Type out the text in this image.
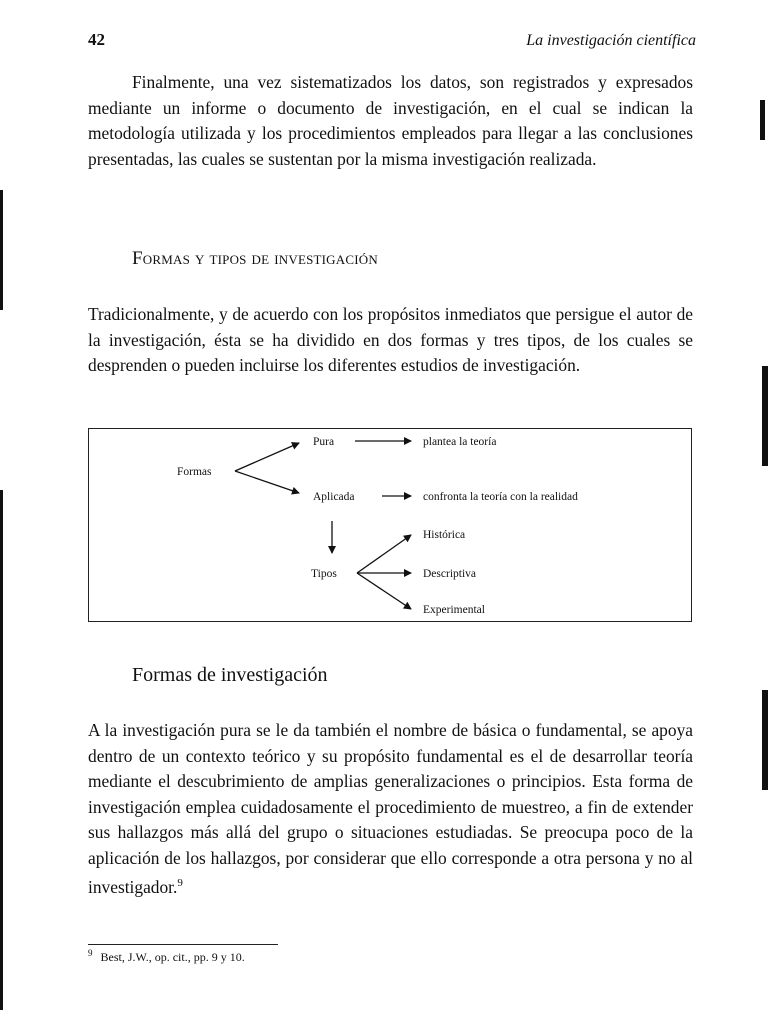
42	La investigación científica

Finalmente, una vez sistematizados los datos, son registrados y expresados mediante un informe o documento de investigación, en el cual se indican la metodología utilizada y los procedimientos empleados para llegar a las conclusiones presentadas, las cuales se sustentan por la misma investigación realizada.

Formas y tipos de investigación

Tradicionalmente, y de acuerdo con los propósitos inmediatos que persigue el autor de la investigación, ésta se ha dividido en dos formas y tres tipos, de los cuales se desprenden o pueden incluirse los diferentes estudios de investigación.

Formas
Pura	plantea la teoría
Aplicada	confronta la teoría con la realidad
Tipos
Histórica
Descriptiva
Experimental
Formas de investigación

A la investigación pura se le da también el nombre de básica o fundamental, se apoya dentro de un contexto teórico y su propósito fundamental es el de desarrollar teoría mediante el descubrimiento de amplias generalizaciones o principios. Esta forma de investigación emplea cuidadosamente el procedimiento de muestreo, a fin de extender sus hallazgos más allá del grupo o situaciones estudiadas. Se preocupa poco de la aplicación de los hallazgos, por considerar que ello corresponde a otra persona y no al investigador.$^9$

$^9$ Best, J.W., op. cit., pp. 9 y 10.
